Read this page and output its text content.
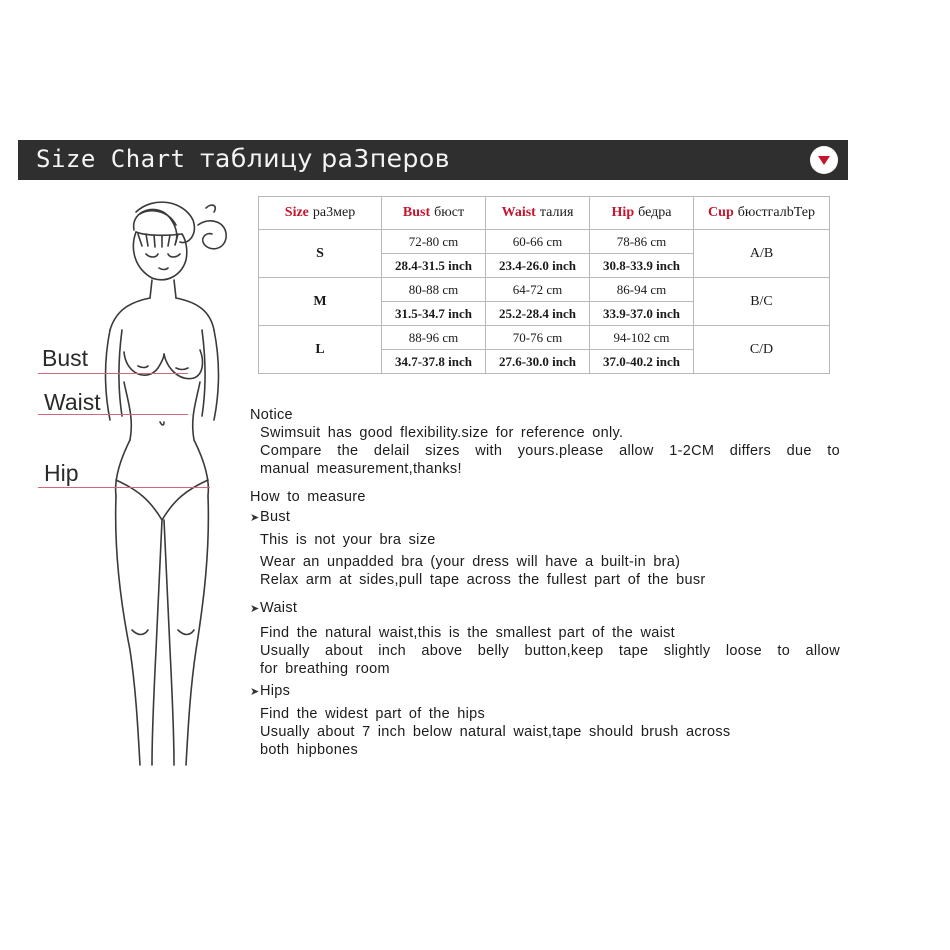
Size Chart таблицу ра3перов
Bust
Waist
Hip
Size ра3мер	Bust бюст	Waist талия	Hip бедра	Cup бюстгалbТер
S	72-80 cm	60-66 cm	78-86 cm	A/B
	28.4-31.5 inch	23.4-26.0 inch	30.8-33.9 inch	
M	80-88 cm	64-72 cm	86-94 cm	B/C
	31.5-34.7 inch	25.2-28.4 inch	33.9-37.0 inch	
L	88-96 cm	70-76 cm	94-102 cm	C/D
	34.7-37.8 inch	27.6-30.0 inch	37.0-40.2 inch	
Notice
Swimsuit has good flexibility.size for reference only.
Compare the delail sizes with yours.please allow 1-2CM differs due to
manual measurement,thanks!
How to measure
➤Bust
This is not your bra size
Wear an unpadded bra (your dress will have a built-in bra)
Relax arm at sides,pull tape across the fullest part of the busr
➤Waist
Find the natural waist,this is the smallest part of the waist
Usually about inch above belly button,keep tape slightly loose to allow
for breathing room
➤Hips
Find the widest part of the hips
Usually about 7 inch below natural waist,tape should brush across
both hipbones
